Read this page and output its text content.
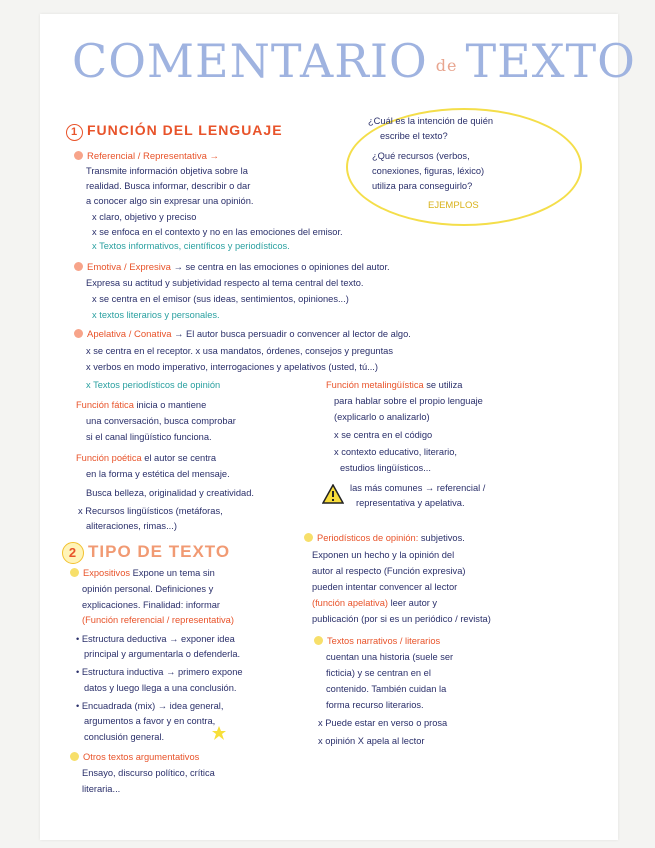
COMENTARIO de TEXTO
¿Cuál es la intención de quién
escribe el texto?
¿Qué recursos (verbos,
conexiones, figuras, léxico)
utiliza para conseguirlo?
EJEMPLOS
1 FUNCIÓN DEL LENGUAJE
Referencial / Representativa →
Transmite información objetiva sobre la
realidad. Busca informar, describir o dar
a conocer algo sin expresar una opinión.
x claro, objetivo y preciso
x se enfoca en el contexto y no en las emociones del emisor.
x Textos informativos, científicos y periodísticos.
Emotiva / Expresiva → se centra en las emociones o opiniones del autor.
Expresa su actitud y subjetividad respecto al tema central del texto.
x se centra en el emisor (sus ideas, sentimientos, opiniones...)
x textos literarios y personales.
Apelativa / Conativa → El autor busca persuadir o convencer al lector de algo.
x se centra en el receptor. x usa mandatos, órdenes, consejos y preguntas
x verbos en modo imperativo, interrogaciones y apelativos (usted, tú...)
x Textos periodísticos de opinión
Función fática inicia o mantiene
una conversación, busca comprobar
si el canal lingüístico funciona.
Función poética el autor se centra
en la forma y estética del mensaje.
Busca belleza, originalidad y creatividad.
x Recursos lingüísticos (metáforas,
aliteraciones, rimas...)
Función metalingüística se utiliza
para hablar sobre el propio lenguaje
(explicarlo o analizarlo)
x se centra en el código
x contexto educativo, literario,
estudios lingüísticos...
las más comunes → referencial /
representativa y apelativa.
2 TIPO DE TEXTO
Expositivos Expone un tema sin
opinión personal. Definiciones y
explicaciones. Finalidad: informar
(Función referencial / representativa)
• Estructura deductiva → exponer idea
principal y argumentarla o defenderla.
• Estructura inductiva → primero expone
datos y luego llega a una conclusión.
• Encuadrada (mix) → idea general,
argumentos a favor y en contra,
conclusión general.
Otros textos argumentativos
Ensayo, discurso político, crítica
literaria...
Periodísticos de opinión: subjetivos.
Exponen un hecho y la opinión del
autor al respecto (Función expresiva)
pueden intentar convencer al lector
(función apelativa) leer autor y
publicación (por si es un periódico / revista)
Textos narrativos / literarios
cuentan una historia (suele ser
ficticia) y se centran en el
contenido. También cuidan la
forma recurso literarios.
x Puede estar en verso o prosa
x opinión X apela al lector
